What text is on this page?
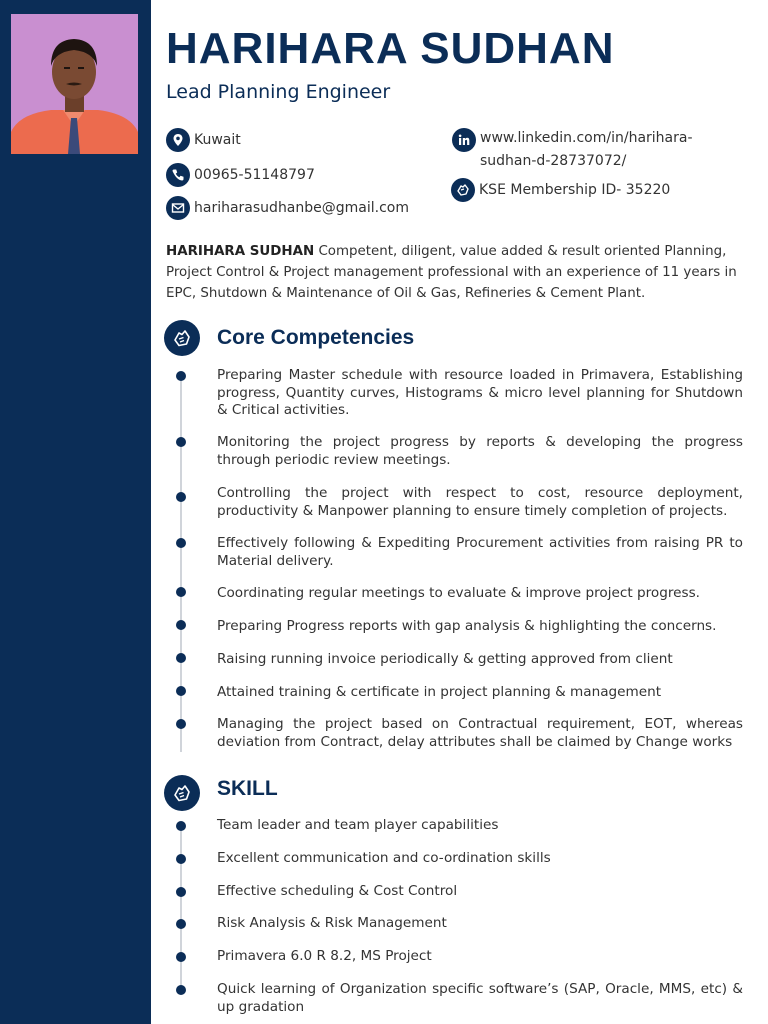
HARIHARA SUDHAN
Lead Planning Engineer
Kuwait
00965-51148797
hariharasudhanbe@gmail.com
www.linkedin.com/in/harihara-sudhan-d-28737072/
KSE Membership ID- 35220

HARIHARA SUDHAN Competent, diligent, value added & result oriented Planning, Project Control & Project management professional with an experience of 11 years in EPC, Shutdown & Maintenance of Oil & Gas, Refineries & Cement Plant.

Core Competencies
Preparing Master schedule with resource loaded in Primavera, Establishing progress, Quantity curves, Histograms & micro level planning for Shutdown & Critical activities.
Monitoring the project progress by reports & developing the progress through periodic review meetings.
Controlling the project with respect to cost, resource deployment, productivity & Manpower planning to ensure timely completion of projects.
Effectively following & Expediting Procurement activities from raising PR to Material delivery.
Coordinating regular meetings to evaluate & improve project progress.
Preparing Progress reports with gap analysis & highlighting the concerns.
Raising running invoice periodically & getting approved from client
Attained training & certificate in project planning & management
Managing the project based on Contractual requirement, EOT, whereas deviation from Contract, delay attributes shall be claimed by Change works
SKILL
Team leader and team player capabilities
Excellent communication and co-ordination skills
Effective scheduling & Cost Control
Risk Analysis & Risk Management
Primavera 6.0 R 8.2, MS Project
Quick learning of Organization specific software’s (SAP, Oracle, MMS, etc) & up gradation
